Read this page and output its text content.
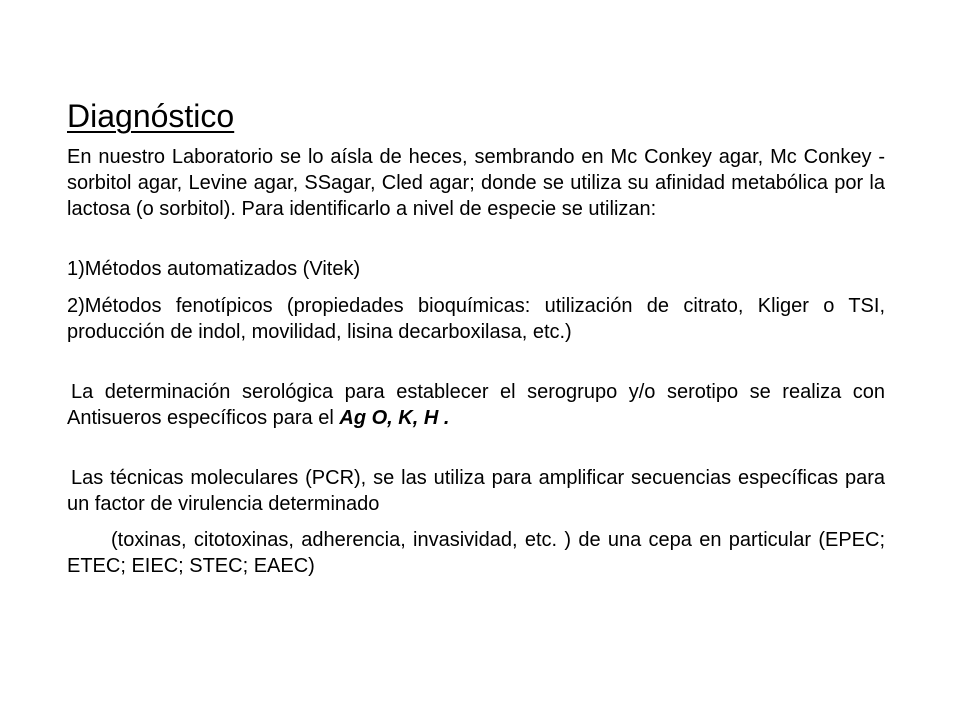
Diagnóstico

En nuestro Laboratorio se lo aísla de heces, sembrando en Mc Conkey agar, Mc Conkey - sorbitol agar, Levine agar, SSagar, Cled agar; donde se utiliza su afinidad metabólica por la lactosa (o sorbitol). Para identificarlo a nivel de especie se utilizan:

1)Métodos automatizados (Vitek)

2)Métodos fenotípicos (propiedades bioquímicas: utilización de citrato, Kliger o TSI, producción de indol, movilidad, lisina decarboxilasa, etc.)

La determinación serológica para establecer el serogrupo y/o serotipo se realiza con Antisueros específicos para el Ag O, K, H .

Las técnicas moleculares (PCR), se las utiliza para amplificar secuencias específicas para un factor de virulencia determinado

(toxinas, citotoxinas, adherencia, invasividad, etc. ) de una cepa en particular (EPEC; ETEC; EIEC; STEC; EAEC)
